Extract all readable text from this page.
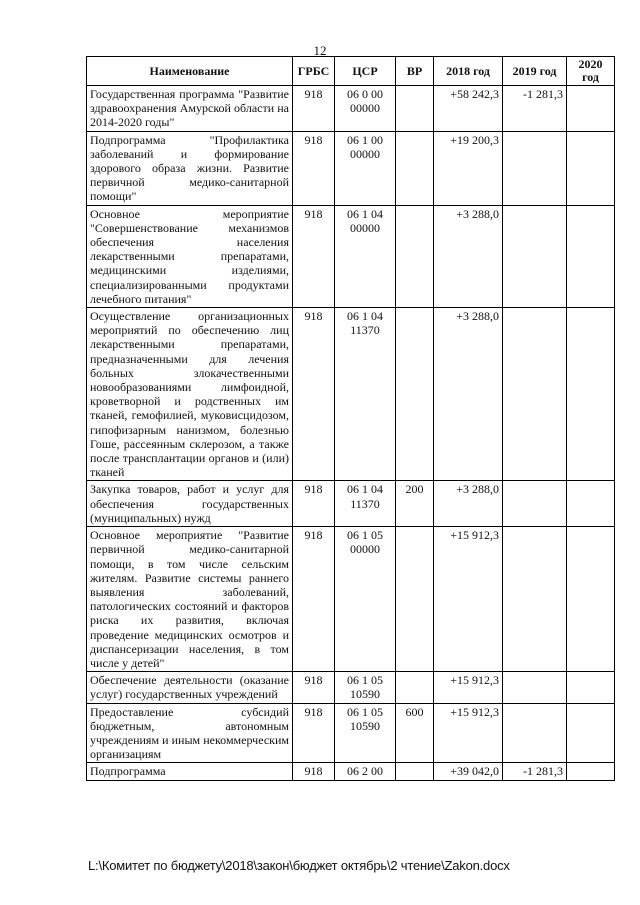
12
Наименование	ГРБС	ЦСР	ВР	2018 год	2019 год	2020 год
Государственная программа "Развитие здравоохранения Амурской области на 2014-2020 годы"	918	06 0 00 00000		+58 242,3	-1 281,3	
Подпрограмма "Профилактика заболеваний и формирование здорового образа жизни. Развитие первичной медико-санитарной помощи"	918	06 1 00 00000		+19 200,3		
Основное мероприятие "Совершенствование механизмов обеспечения населения лекарственными препаратами, медицинскими изделиями, специализированными продуктами лечебного питания"	918	06 1 04 00000		+3 288,0		
Осуществление организационных мероприятий по обеспечению лиц лекарственными препаратами, предназначенными для лечения больных злокачественными новообразованиями лимфоидной, кроветворной и родственных им тканей, гемофилией, муковисцидозом, гипофизарным нанизмом, болезнью Гоше, рассеянным склерозом, а также после трансплантации органов и (или) тканей	918	06 1 04 11370		+3 288,0		
Закупка товаров, работ и услуг для обеспечения государственных (муниципальных) нужд	918	06 1 04 11370	200	+3 288,0		
Основное мероприятие "Развитие первичной медико-санитарной помощи, в том числе сельским жителям. Развитие системы раннего выявления заболеваний, патологических состояний и факторов риска их развития, включая проведение медицинских осмотров и диспансеризации населения, в том числе у детей"	918	06 1 05 00000		+15 912,3		
Обеспечение деятельности (оказание услуг) государственных учреждений	918	06 1 05 10590		+15 912,3		
Предоставление субсидий бюджетным, автономным учреждениям и иным некоммерческим организациям	918	06 1 05 10590	600	+15 912,3		
Подпрограмма	918	06 2 00		+39 042,0	-1 281,3	
L:\Комитет по бюджету\2018\закон\бюджет октябрь\2 чтение\Zakon.docx
